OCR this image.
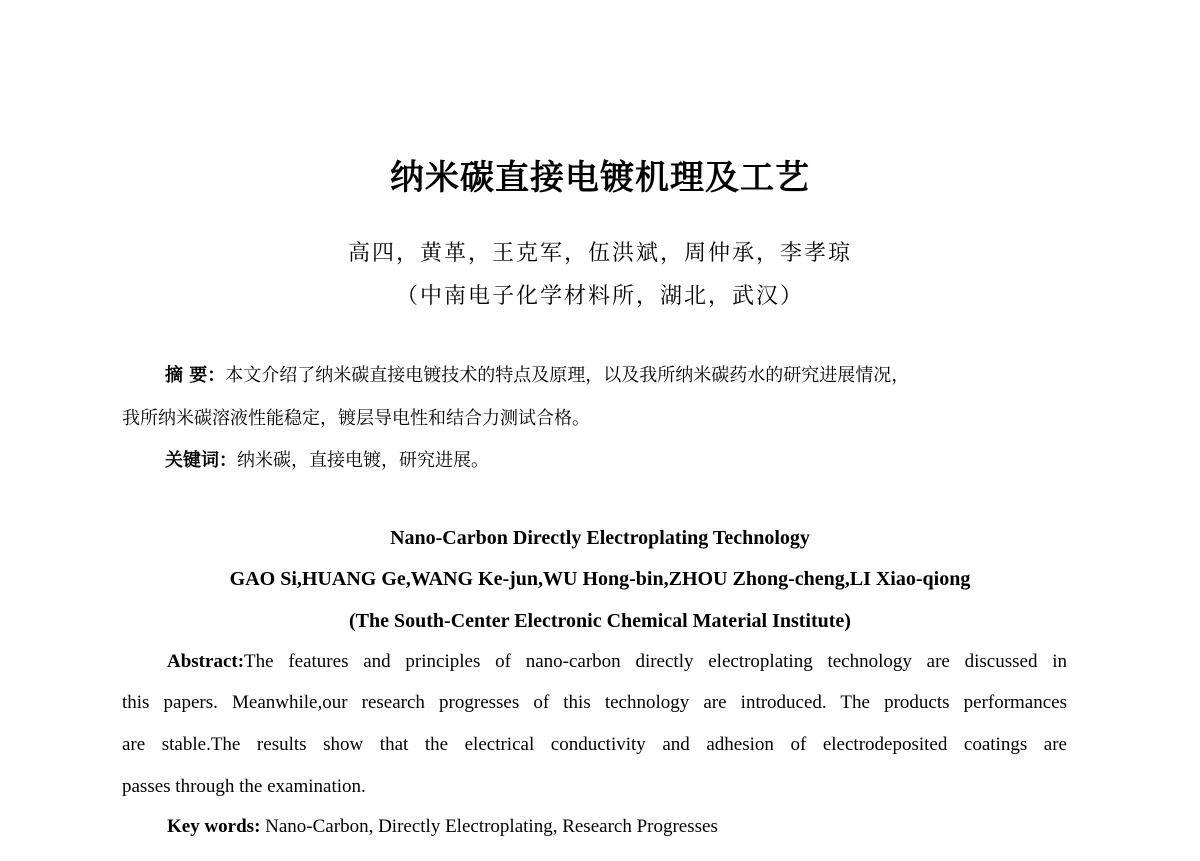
纳米碳直接电镀机理及工艺

高四，黄革，王克军，伍洪斌，周仲承，李孝琼

（中南电子化学材料所，湖北，武汉）

摘 要：本文介绍了纳米碳直接电镀技术的特点及原理，以及我所纳米碳药水的研究进展情况，

我所纳米碳溶液性能稳定，镀层导电性和结合力测试合格。

关键词：纳米碳，直接电镀，研究进展。

Nano-Carbon Directly Electroplating Technology

GAO Si,HUANG Ge,WANG Ke-jun,WU Hong-bin,ZHOU Zhong-cheng,LI Xiao-qiong

(The South-Center Electronic Chemical Material Institute)

Abstract:The features and principles of nano-carbon directly electroplating technology are discussed in

this papers. Meanwhile,our research progresses of this technology are introduced. The products performances

are stable.The results show that the electrical conductivity and adhesion of electrodeposited coatings are

passes through the examination.

Key words: Nano-Carbon, Directly Electroplating, Research Progresses
